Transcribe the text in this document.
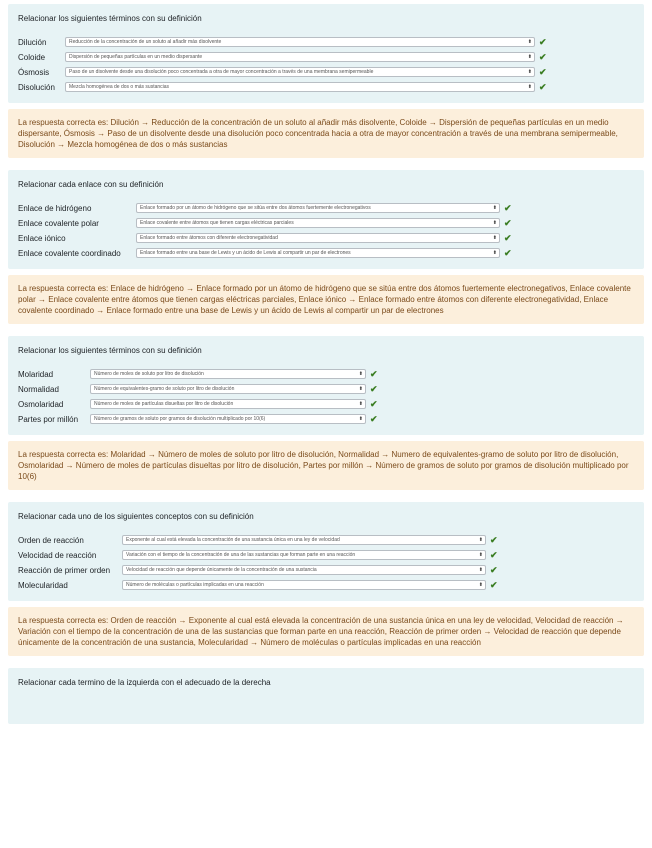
Relacionar los siguientes términos con su definición
Dilución	Reducción de la concentración de un soluto al añadir más disolvente	⬍ ✔
Coloide	Dispersión de pequeñas partículas en un medio dispersante	⬍ ✔
Ósmosis	Paso de un disolvente desde una disolución poco concentrada a otra de mayor concentración a través de una membrana semipermeable	⬍ ✔
Disolución	Mezcla homogénea de dos o más sustancias	⬍ ✔
La respuesta correcta es: Dilución → Reducción de la concentración de un soluto al añadir más disolvente, Coloide → Dispersión de pequeñas partículas en un medio dispersante, Ósmosis → Paso de un disolvente desde una disolución poco concentrada hacia a otra de mayor concentración a través de una membrana semipermeable, Disolución → Mezcla homogénea de dos o más sustancias
Relacionar cada enlace con su definición
Enlace de hidrógeno	Enlace formado por un átomo de hidrógeno que se sitúa entre dos átomos fuertemente electronegativos	⬍ ✔
Enlace covalente polar	Enlace covalente entre átomos que tienen cargas eléctricas parciales	⬍ ✔
Enlace iónico	Enlace formado entre átomos con diferente electronegatividad	⬍ ✔
Enlace covalente coordinado	Enlace formado entre una base de Lewis y un ácido de Lewis al compartir un par de electrones	⬍ ✔
La respuesta correcta es: Enlace de hidrógeno → Enlace formado por un átomo de hidrógeno que se sitúa entre dos átomos fuertemente electronegativos, Enlace covalente polar → Enlace covalente entre átomos que tienen cargas eléctricas parciales, Enlace iónico → Enlace formado entre átomos con diferente electronegatividad, Enlace covalente coordinado → Enlace formado entre una base de Lewis y un ácido de Lewis al compartir un par de electrones
Relacionar los siguientes términos con su definición
Molaridad	Número de moles de soluto por litro de disolución	⬍ ✔
Normalidad	Número de equivalentes-gramo de soluto por litro de disolución	⬍ ✔
Osmolaridad	Número de moles de partículas disueltas por litro de disolución	⬍ ✔
Partes por millón	Número de gramos de soluto por gramos de disolución multiplicado por 10(6)	⬍ ✔
La respuesta correcta es: Molaridad → Número de moles de soluto por litro de disolución, Normalidad → Numero de equivalentes-gramo de soluto por litro de disolución, Osmolaridad → Número de moles de partículas disueltas por litro de disolución, Partes por millón → Número de gramos de soluto por gramos de disolución multiplicado por 10(6)
Relacionar cada uno de los siguientes conceptos con su definición
Orden de reacción	Exponente al cual está elevada la concentración de una sustancia única en una ley de velocidad	⬍ ✔
Velocidad de reacción	Variación con el tiempo de la concentración de una de las sustancias que forman parte en una reacción	⬍ ✔
Reacción de primer orden	Velocidad de reacción que depende únicamente de la concentración de una sustancia	⬍ ✔
Molecularidad	Número de moléculas o partículas implicadas en una reacción	⬍ ✔
La respuesta correcta es: Orden de reacción → Exponente al cual está elevada la concentración de una sustancia única en una ley de velocidad, Velocidad de reacción → Variación con el tiempo de la concentración de una de las sustancias que forman parte en una reacción, Reacción de primer orden → Velocidad de reacción que depende únicamente de la concentración de una sustancia, Molecularidad → Número de moléculas o partículas implicadas en una reacción
Relacionar cada termino de la izquierda con el adecuado de la derecha
